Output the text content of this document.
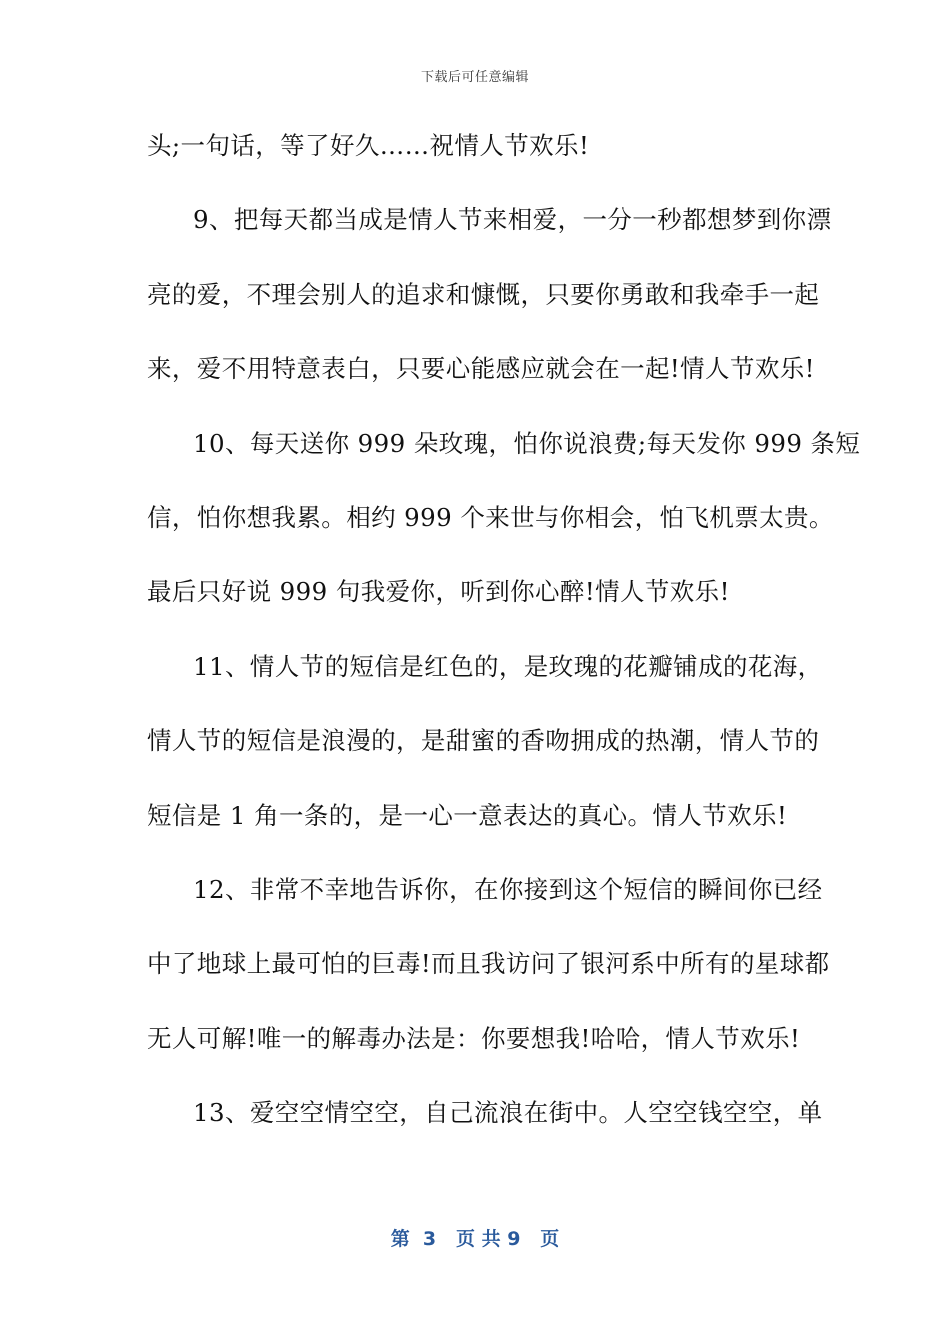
下载后可任意编辑
头;一句话，等了好久……祝情人节欢乐!
9、把每天都当成是情人节来相爱，一分一秒都想梦到你漂
亮的爱，不理会别人的追求和慷慨，只要你勇敢和我牵手一起
来，爱不用特意表白，只要心能感应就会在一起!情人节欢乐!
10、每天送你 999 朵玫瑰，怕你说浪费;每天发你 999 条短
信，怕你想我累。相约 999 个来世与你相会，怕飞机票太贵。
最后只好说 999 句我爱你，听到你心醉!情人节欢乐!
11、情人节的短信是红色的，是玫瑰的花瓣铺成的花海，
情人节的短信是浪漫的，是甜蜜的香吻拥成的热潮，情人节的
短信是 1 角一条的，是一心一意表达的真心。情人节欢乐!
12、非常不幸地告诉你，在你接到这个短信的瞬间你已经
中了地球上最可怕的巨毒!而且我访问了银河系中所有的星球都
无人可解!唯一的解毒办法是：你要想我!哈哈，情人节欢乐!
13、爱空空情空空，自己流浪在街中。人空空钱空空，单
第  3   页 共 9   页
